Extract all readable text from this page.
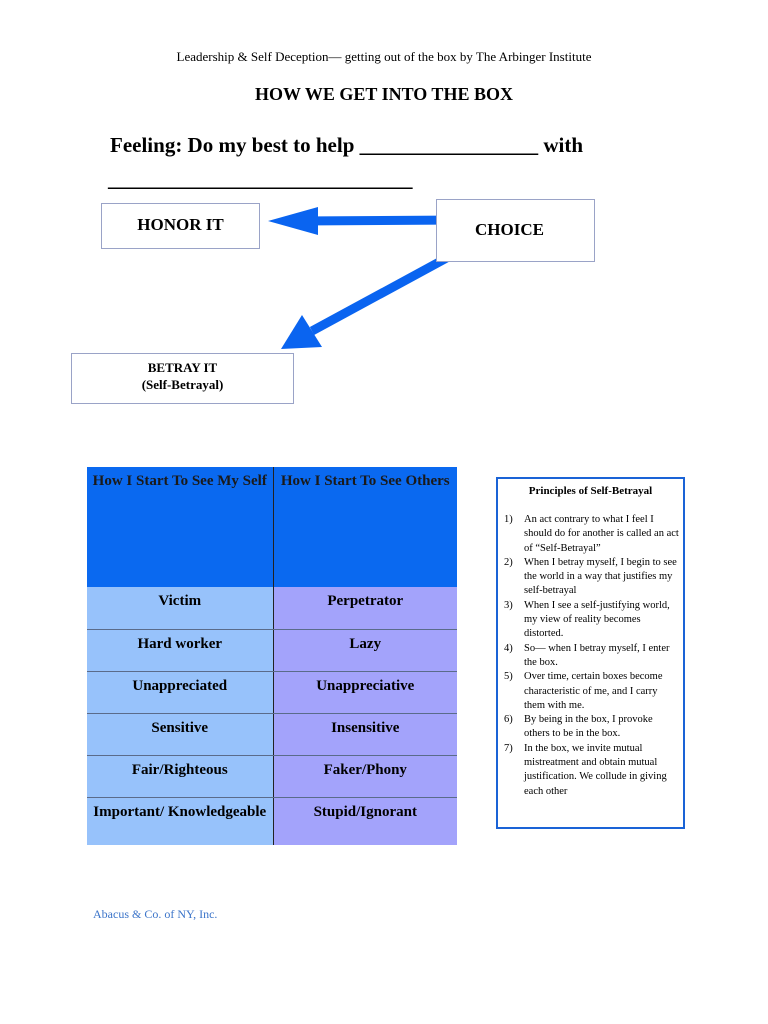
Leadership & Self Deception— getting out of the box by The Arbinger Institute
HOW WE GET INTO THE BOX
Feeling: Do my best to help _________________ with
_____________________________
HONOR IT	CHOICE
BETRAY IT
(Self-Betrayal)
How I Start To See My Self	How I Start To See Others
Victim	Perpetrator
Hard worker	Lazy
Unappreciated	Unappreciative
Sensitive	Insensitive
Fair/Righteous	Faker/Phony
Important/ Knowledgeable	Stupid/Ignorant
Principles of Self-Betrayal
1) An act contrary to what I feel I should do for another is called an act of “Self-Betrayal”
2) When I betray myself, I begin to see the world in a way that justifies my self-betrayal
3) When I see a self-justifying world, my view of reality becomes distorted.
4) So— when I betray myself, I enter the box.
5) Over time, certain boxes become characteristic of me, and I carry them with me.
6) By being in the box, I provoke others to be in the box.
7) In the box, we invite mutual mistreatment and obtain mutual justification. We collude in giving each other
Abacus & Co. of NY, Inc.
